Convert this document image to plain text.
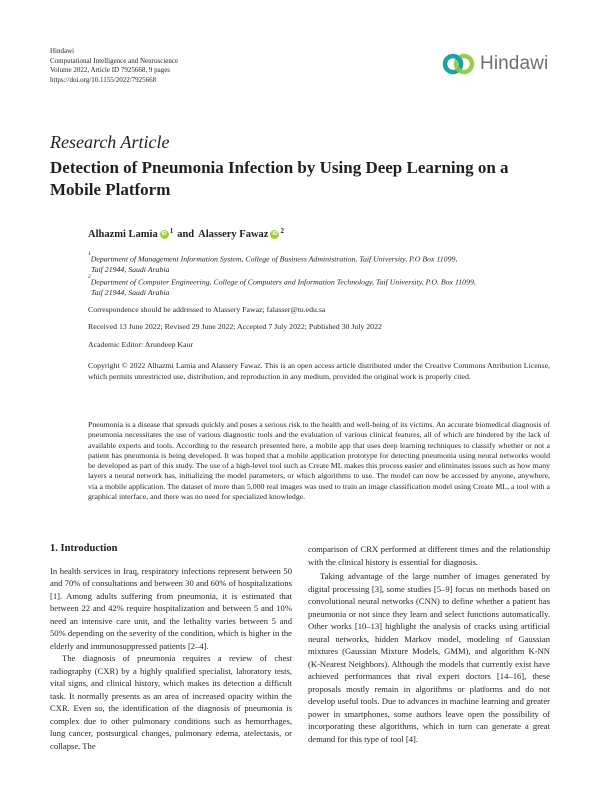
Hindawi
Computational Intelligence and Neuroscience
Volume 2022, Article ID 7925668, 9 pages
https://doi.org/10.1155/2022/7925668
Hindawi
Research Article
Detection of Pneumonia Infection by Using Deep Learning on a Mobile Platform
Alhazmi Lamia iD $^1$ and Alassery Fawaz iD $^2$
$^1$Department of Management Information System, College of Business Administration, Taif University, P.O Box 11099,
Taif 21944, Saudi Arabia
$^2$Department of Computer Engineering, College of Computers and Information Technology, Taif University, P.O. Box 11099,
Taif 21944, Saudi Arabia
Correspondence should be addressed to Alassery Fawaz; falasser@tu.edu.sa
Received 13 June 2022; Revised 29 June 2022; Accepted 7 July 2022; Published 30 July 2022
Academic Editor: Arundeep Kaur
Copyright © 2022 Alhazmi Lamia and Alassery Fawaz. This is an open access article distributed under the Creative Commons Attribution License, which permits unrestricted use, distribution, and reproduction in any medium, provided the original work is properly cited.
Pneumonia is a disease that spreads quickly and poses a serious risk to the health and well-being of its victims. An accurate biomedical diagnosis of pneumonia necessitates the use of various diagnostic tools and the evaluation of various clinical features, all of which are hindered by the lack of available experts and tools. According to the research presented here, a mobile app that uses deep learning techniques to classify whether or not a patient has pneumonia is being developed. It was hoped that a mobile application prototype for detecting pneumonia using neural networks would be developed as part of this study. The use of a high-level tool such as Create ML makes this process easier and eliminates issues such as how many layers a neural network has, initializing the model parameters, or which algorithms to use. The model can now be accessed by anyone, anywhere, via a mobile application. The dataset of more than 5,000 real images was used to train an image classification model using Create ML, a tool with a graphical interface, and there was no need for specialized knowledge.
1. Introduction

In health services in Iraq, respiratory infections represent between 50 and 70% of consultations and between 30 and 60% of hospitalizations [1]. Among adults suffering from pneumonia, it is estimated that between 22 and 42% require hospitalization and between 5 and 10% need an intensive care unit, and the lethality varies between 5 and 50% depending on the severity of the condition, which is higher in the elderly and immunosuppressed patients [2–4].

The diagnosis of pneumonia requires a review of chest radiography (CXR) by a highly qualified specialist, laboratory tests, vital signs, and clinical history, which makes its detection a difficult task. It normally presents as an area of increased opacity within the CXR. Even so, the identification of the diagnosis of pneumonia is complex due to other pulmonary conditions such as hemorrhages, lung cancer, postsurgical changes, pulmonary edema, atelectasis, or collapse. The

comparison of CRX performed at different times and the relationship with the clinical history is essential for diagnosis.

Taking advantage of the large number of images generated by digital processing [3], some studies [5–9] focus on methods based on convolutional neural networks (CNN) to define whether a patient has pneumonia or not since they learn and select functions automatically. Other works [10–13] highlight the analysis of cracks using artificial neural networks, hidden Markov model, modeling of Gaussian mixtures (Gaussian Mixture Models, GMM), and algorithm K-NN (K-Nearest Neighbors). Although the models that currently exist have achieved performances that rival expert doctors [14–16], these proposals mostly remain in algorithms or platforms and do not develop useful tools. Due to advances in machine learning and greater power in smartphones, some authors leave open the possibility of incorporating these algorithms, which in turn can generate a great demand for this type of tool [4].
